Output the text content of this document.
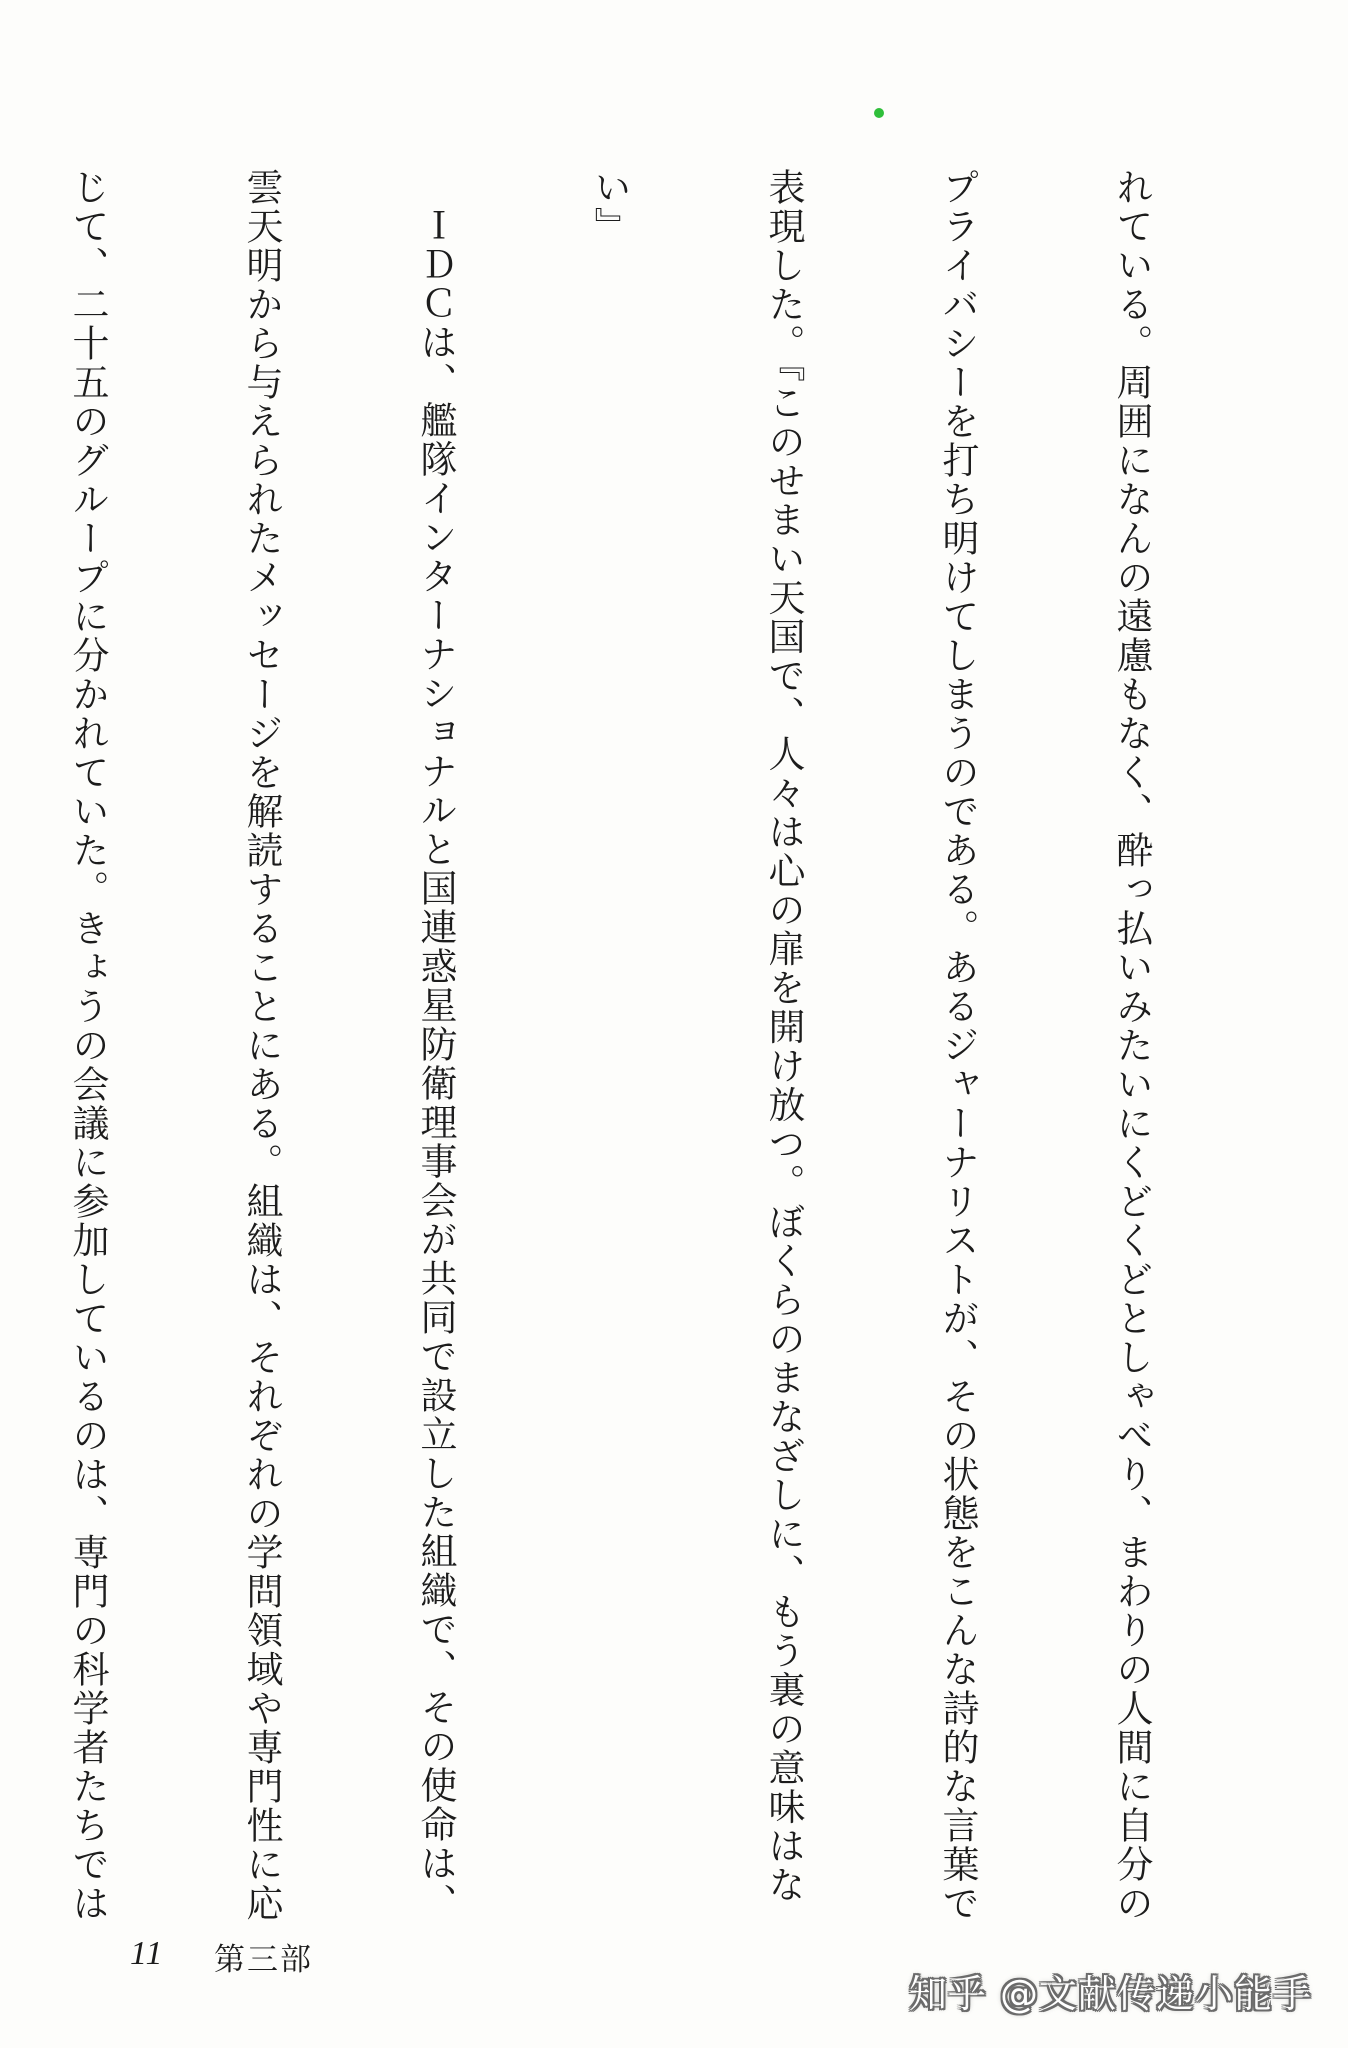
れている。周囲になんの遠慮もなく、酔っ払いみたいにくどくどとしゃべり、まわりの人間に自分の

プライバシーを打ち明けてしまうのである。あるジャーナリストが、その状態をこんな詩的な言葉で

表現した。『このせまい天国で、人々は心の扉を開け放つ。ぼくらのまなざしに、もう裏の意味はな

い』

ＩＤＣは、艦隊インターナショナルと国連惑星防衛理事会が共同で設立した組織で、その使命は、

雲天明から与えられたメッセージを解読することにある。組織は、それぞれの学問領域や専門性に応

じて、二十五のグループに分かれていた。きょうの会議に参加しているのは、専門の科学者たちでは

11 第三部
知乎 @文献传递小能手
